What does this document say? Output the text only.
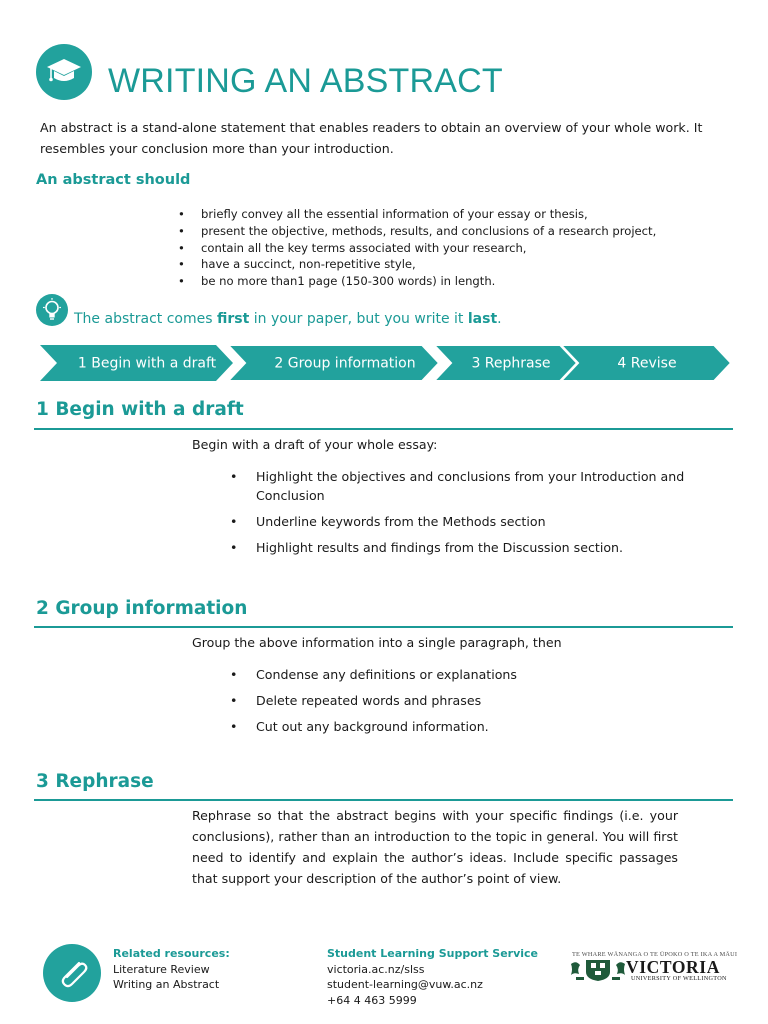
WRITING AN ABSTRACT
An abstract is a stand-alone statement that enables readers to obtain an overview of your whole work. It resembles your conclusion more than your introduction.
An abstract should
• briefly convey all the essential information of your essay or thesis,
• present the objective, methods, results, and conclusions of a research project,
• contain all the key terms associated with your research,
• have a succinct, non-repetitive style,
• be no more than1 page (150-300 words) in length.
The abstract comes first in your paper, but you write it last.
1 Begin with a draft	2 Group information	3 Rephrase	4 Revise
1 Begin with a draft
Begin with a draft of your whole essay:
• Highlight the objectives and conclusions from your Introduction and Conclusion
• Underline keywords from the Methods section
• Highlight results and findings from the Discussion section.
2 Group information
Group the above information into a single paragraph, then
• Condense any definitions or explanations
• Delete repeated words and phrases
• Cut out any background information.
3 Rephrase
Rephrase so that the abstract begins with your specific findings (i.e. your conclusions), rather than an introduction to the topic in general. You will first need to identify and explain the author’s ideas. Include specific passages that support your description of the author’s point of view.
Related resources:
Literature Review
Writing an Abstract
Student Learning Support Service
victoria.ac.nz/slss
student-learning@vuw.ac.nz
+64 4 463 5999
TE WHARE WĀNANGA O TE ŪPOKO O TE IKA A MĀUI
VICTORIA
UNIVERSITY OF WELLINGTON
